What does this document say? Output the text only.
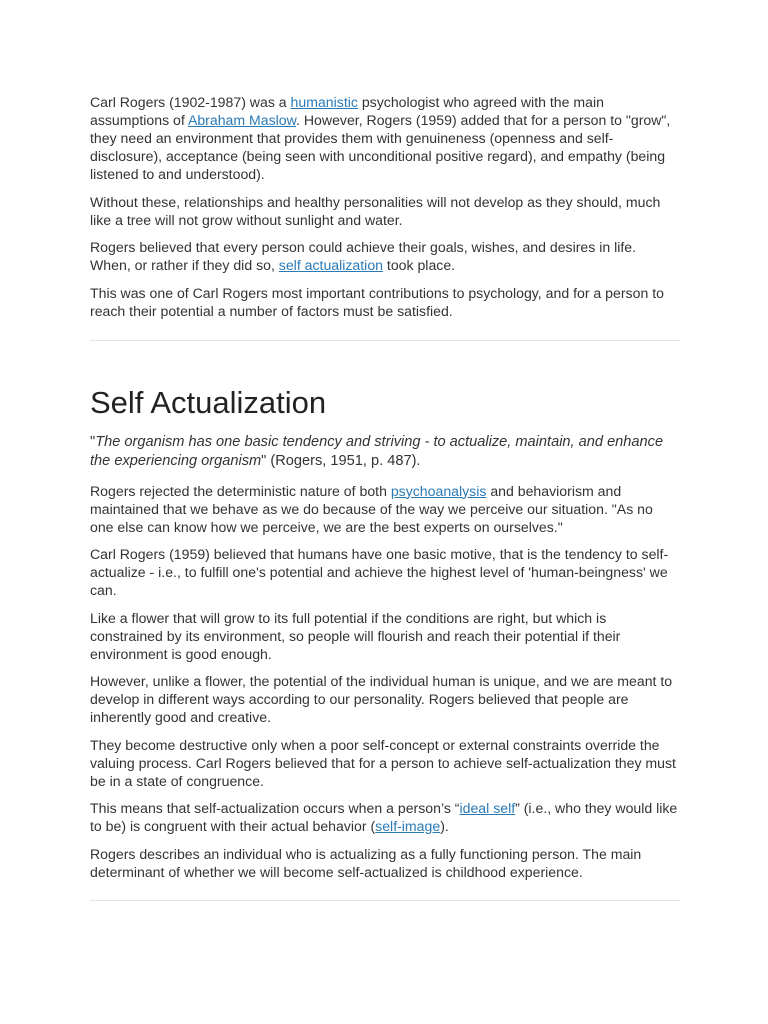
Carl Rogers (1902-1987) was a humanistic psychologist who agreed with the main assumptions of Abraham Maslow. However, Rogers (1959) added that for a person to "grow", they need an environment that provides them with genuineness (openness and self-disclosure), acceptance (being seen with unconditional positive regard), and empathy (being listened to and understood).

Without these, relationships and healthy personalities will not develop as they should, much like a tree will not grow without sunlight and water.

Rogers believed that every person could achieve their goals, wishes, and desires in life. When, or rather if they did so, self actualization took place.

This was one of Carl Rogers most important contributions to psychology, and for a person to reach their potential a number of factors must be satisfied.

Self Actualization

"The organism has one basic tendency and striving - to actualize, maintain, and enhance the experiencing organism" (Rogers, 1951, p. 487).

Rogers rejected the deterministic nature of both psychoanalysis and behaviorism and maintained that we behave as we do because of the way we perceive our situation. "As no one else can know how we perceive, we are the best experts on ourselves."

Carl Rogers (1959) believed that humans have one basic motive, that is the tendency to self-actualize - i.e., to fulfill one's potential and achieve the highest level of 'human-beingness' we can.

Like a flower that will grow to its full potential if the conditions are right, but which is constrained by its environment, so people will flourish and reach their potential if their environment is good enough.

However, unlike a flower, the potential of the individual human is unique, and we are meant to develop in different ways according to our personality. Rogers believed that people are inherently good and creative.

They become destructive only when a poor self-concept or external constraints override the valuing process. Carl Rogers believed that for a person to achieve self-actualization they must be in a state of congruence.

This means that self-actualization occurs when a person’s “ideal self” (i.e., who they would like to be) is congruent with their actual behavior (self-image).

Rogers describes an individual who is actualizing as a fully functioning person. The main determinant of whether we will become self-actualized is childhood experience.
